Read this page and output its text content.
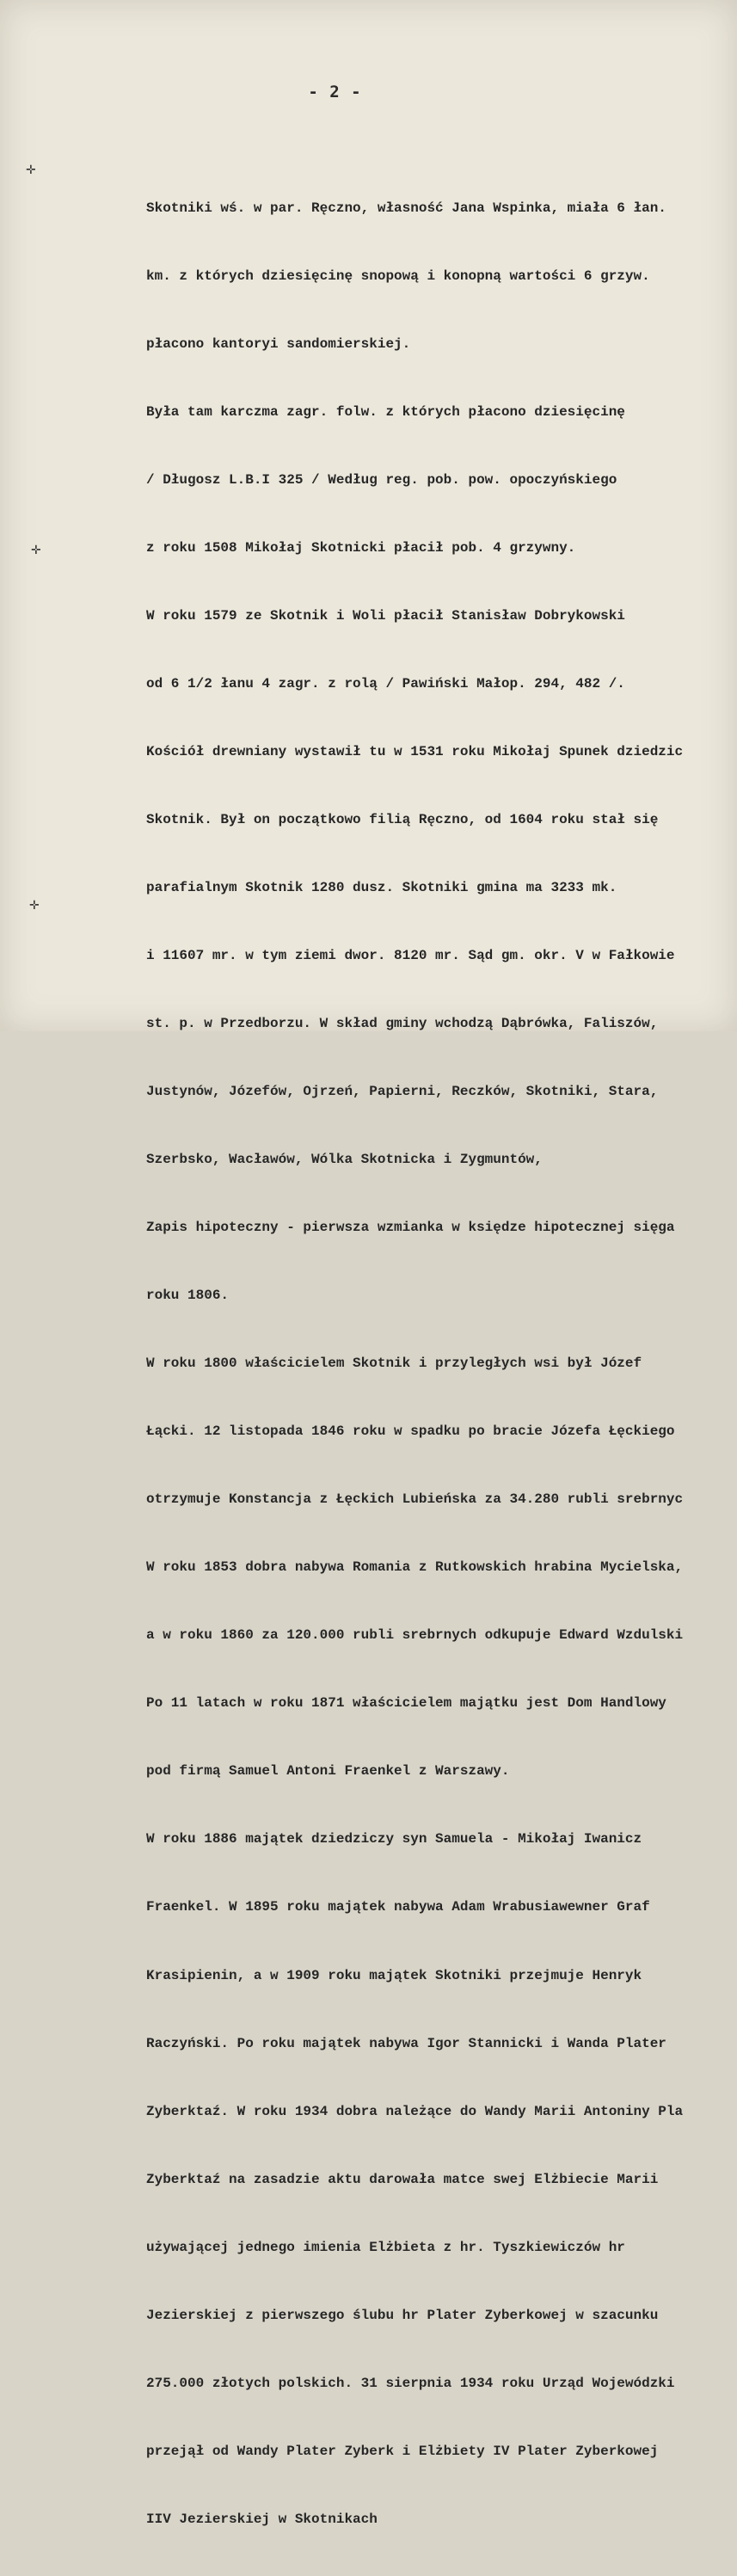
- 2 -
✛
✛
✛

Skotniki wś. w par. Ręczno, własność Jana Wspinka, miała 6 łan.

km. z których dziesięcinę snopową i konopną wartości 6 grzyw.

płacono kantoryi sandomierskiej.

Była tam karczma zagr. folw. z których płacono dziesięcinę

/ Długosz L.B.I 325 / Według reg. pob. pow. opoczyńskiego

z roku 1508 Mikołaj Skotnicki płacił pob. 4 grzywny.

W roku 1579 ze Skotnik i Woli płacił Stanisław Dobrykowski

od 6 1/2 łanu 4 zagr. z rolą / Pawiński Małop. 294, 482 /.

Kościół drewniany wystawił tu w 1531 roku Mikołaj Spunek dziedzic

Skotnik. Był on początkowo filią Ręczno, od 1604 roku stał się

parafialnym Skotnik 1280 dusz. Skotniki gmina ma 3233 mk.

i 11607 mr. w tym ziemi dwor. 8120 mr. Sąd gm. okr. V w Fałkowie

st. p. w Przedborzu. W skład gminy wchodzą Dąbrówka, Faliszów,

Justynów, Józefów, Ojrzeń, Papierni, Reczków, Skotniki, Stara,

Szerbsko, Wacławów, Wólka Skotnicka i Zygmuntów,

Zapis hipoteczny - pierwsza wzmianka w księdze hipotecznej sięga

roku 1806.

W roku 1800 właścicielem Skotnik i przyległych wsi był Józef

Łącki. 12 listopada 1846 roku w spadku po bracie Józefa Łęckiego

otrzymuje Konstancja z Łęckich Lubieńska za 34.280 rubli srebrnyc

W roku 1853 dobra nabywa Romania z Rutkowskich hrabina Mycielska,

a w roku 1860 za 120.000 rubli srebrnych odkupuje Edward Wzdulski

Po 11 latach w roku 1871 właścicielem majątku jest Dom Handlowy

pod firmą Samuel Antoni Fraenkel z Warszawy.

W roku 1886 majątek dziedziczy syn Samuela - Mikołaj Iwanicz

Fraenkel. W 1895 roku majątek nabywa Adam Wrabusiawewner Graf

Krasipienin, a w 1909 roku majątek Skotniki przejmuje Henryk

Raczyński. Po roku majątek nabywa Igor Stannicki i Wanda Plater

Zyberktaź. W roku 1934 dobra należące do Wandy Marii Antoniny Pla

Zyberktaź na zasadzie aktu darowała matce swej Elżbiecie Marii

używającej jednego imienia Elżbieta z hr. Tyszkiewiczów hr

Jezierskiej z pierwszego ślubu hr Plater Zyberkowej w szacunku

275.000 złotych polskich. 31 sierpnia 1934 roku Urząd Wojewódzki

przejął od Wandy Plater Zyberk i Elżbiety IV Plater Zyberkowej

IIV Jezierskiej w Skotnikach
